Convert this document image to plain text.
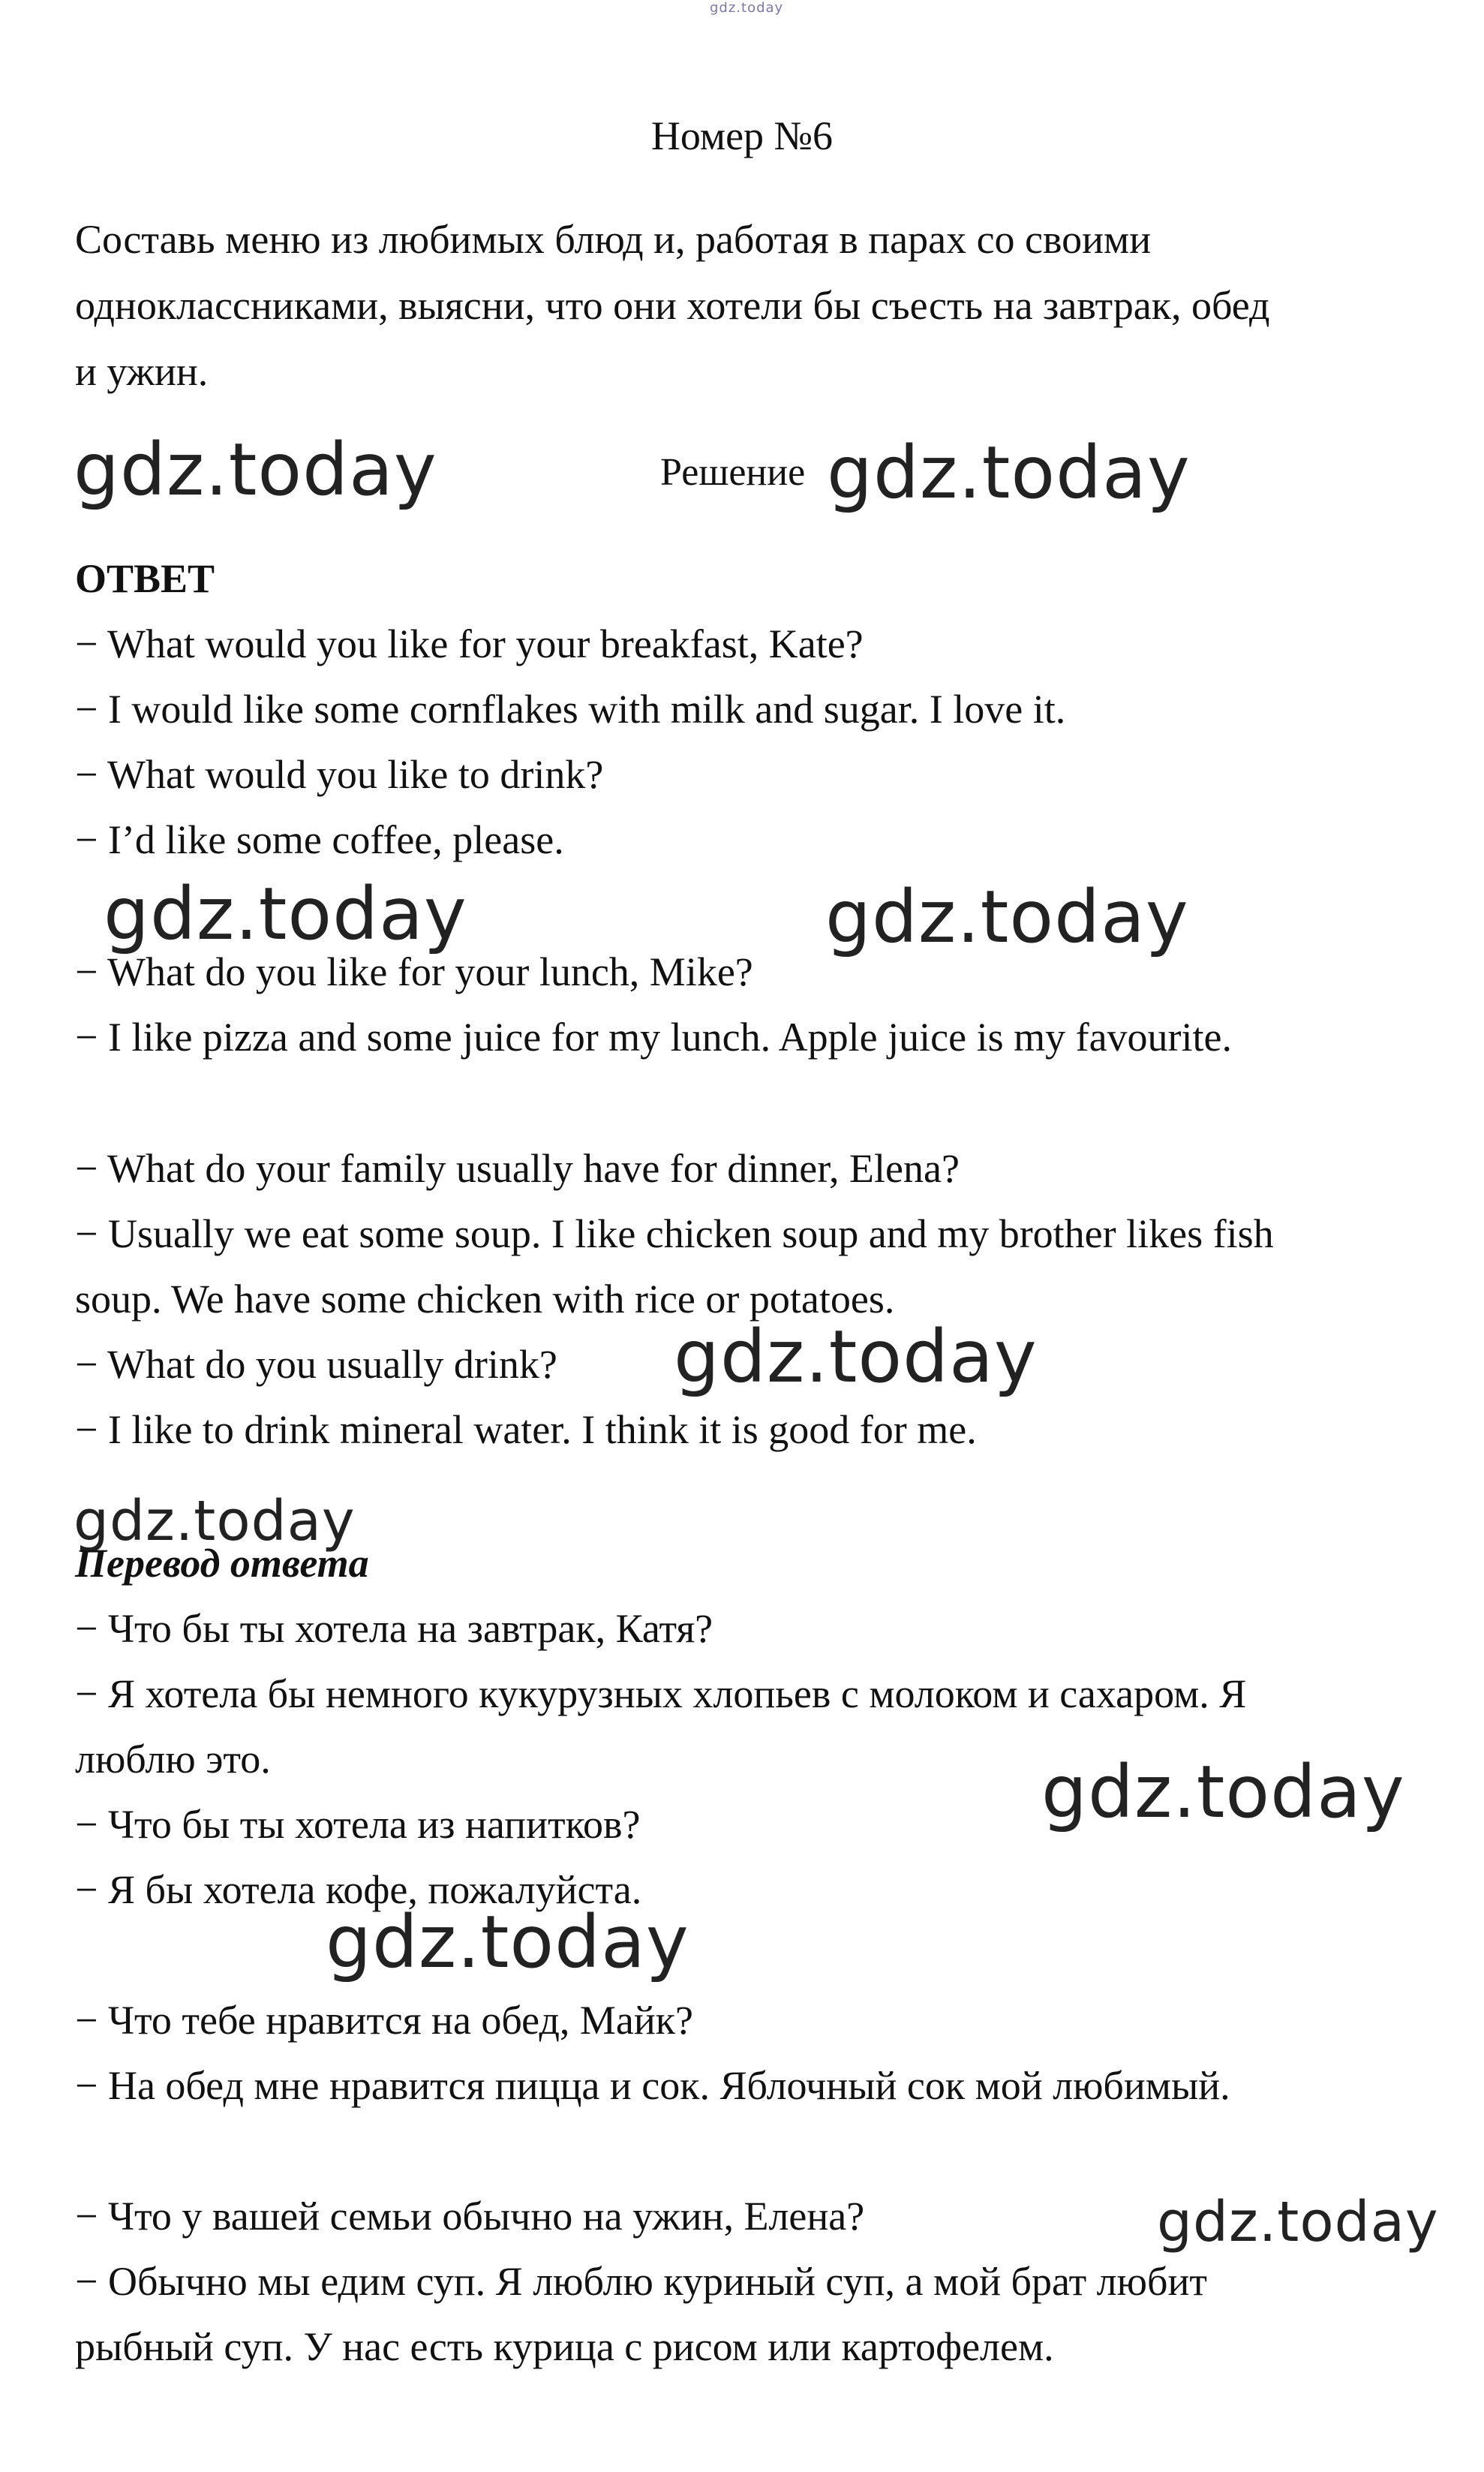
gdz.today
Номер №6
Составь меню из любимых блюд и, работая в парах со своими
одноклассниками, выясни, что они хотели бы съесть на завтрак, обед
и ужин.
gdz.today	Решение gdz.today
ОТВЕТ
− What would you like for your breakfast, Kate?
− I would like some cornflakes with milk and sugar. I love it.
− What would you like to drink?
− I’d like some coffee, please.
gdz.today	gdz.today
− What do you like for your lunch, Mike?
− I like pizza and some juice for my lunch. Apple juice is my favourite.
− What do your family usually have for dinner, Elena?
− Usually we eat some soup. I like chicken soup and my brother likes fish
soup. We have some chicken with rice or potatoes.
− What do you usually drink? gdz.today
− I like to drink mineral water. I think it is good for me.
gdz.today
Перевод ответа
− Что бы ты хотела на завтрак, Катя?
− Я хотела бы немного кукурузных хлопьев с молоком и сахаром. Я
люблю это.	gdz.today
− Что бы ты хотела из напитков?
− Я бы хотела кофе, пожалуйста.
gdz.today
− Что тебе нравится на обед, Майк?
− На обед мне нравится пицца и сок. Яблочный сок мой любимый.
− Что у вашей семьи обычно на ужин, Елена?	gdz.today
− Обычно мы едим суп. Я люблю куриный суп, а мой брат любит
рыбный суп. У нас есть курица с рисом или картофелем.
